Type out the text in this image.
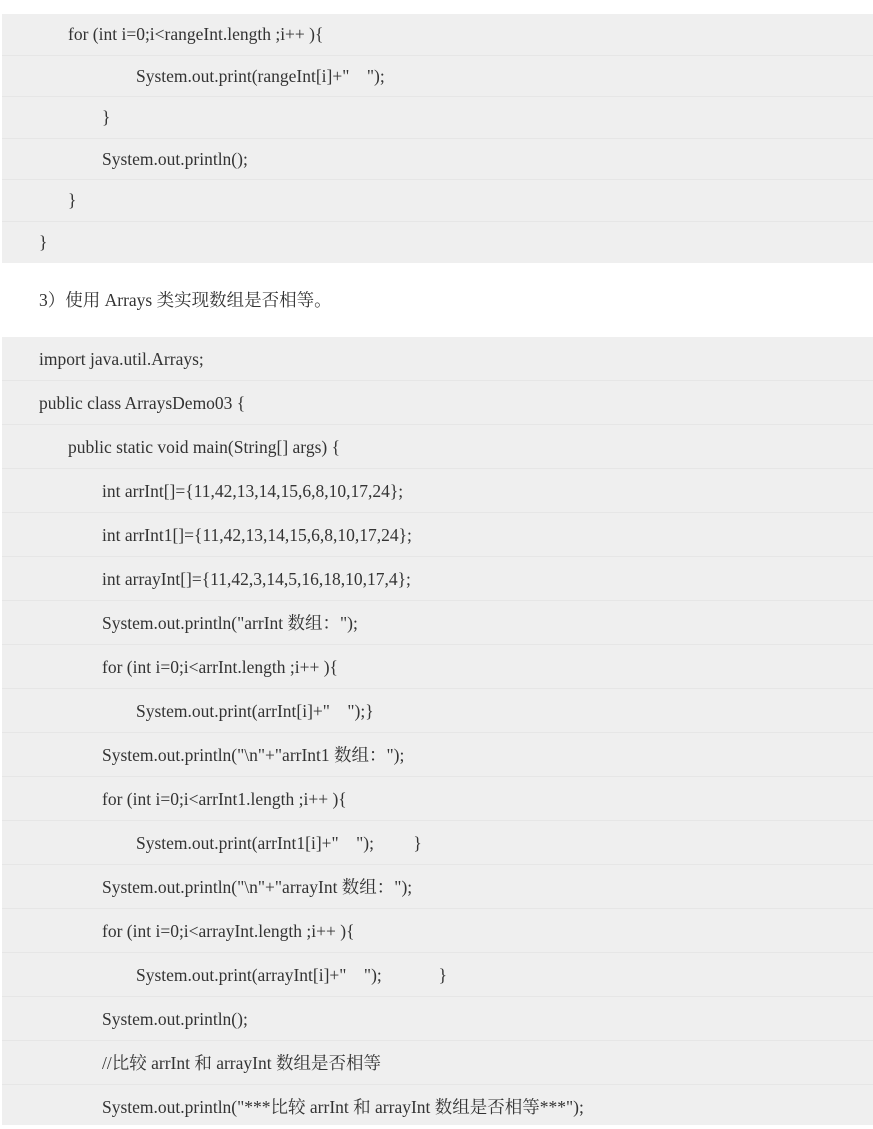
for (int i=0;i<rangeInt.length ;i++ ){
System.out.print(rangeInt[i]+"    ");
}
System.out.println();
}
}
3）使用 Arrays 类实现数组是否相等。
import java.util.Arrays;
public class ArraysDemo03 {
public static void main(String[] args) {
int arrInt[]={11,42,13,14,15,6,8,10,17,24};
int arrInt1[]={11,42,13,14,15,6,8,10,17,24};
int arrayInt[]={11,42,3,14,5,16,18,10,17,4};
System.out.println("arrInt 数组：");
for (int i=0;i<arrInt.length ;i++ ){
System.out.print(arrInt[i]+"    ");}
System.out.println("\n"+"arrInt1 数组：");
for (int i=0;i<arrInt1.length ;i++ ){
System.out.print(arrInt1[i]+"    ");         }
System.out.println("\n"+"arrayInt 数组：");
for (int i=0;i<arrayInt.length ;i++ ){
System.out.print(arrayInt[i]+"    ");             }
System.out.println();
//比较 arrInt 和 arrayInt 数组是否相等
System.out.println("***比较 arrInt 和 arrayInt 数组是否相等***");
